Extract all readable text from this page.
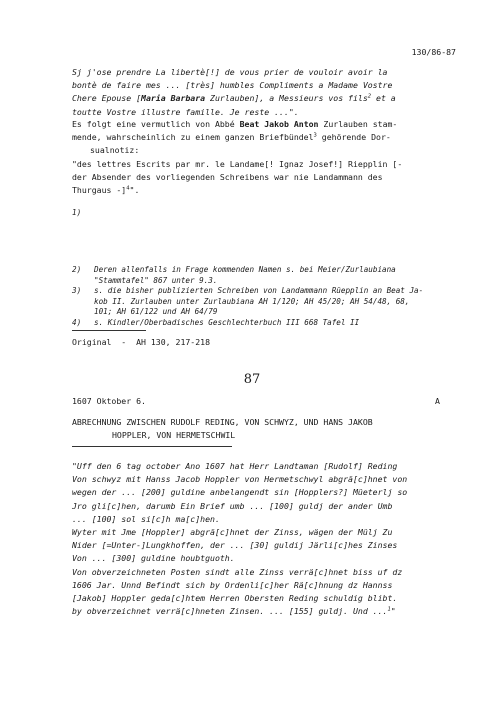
130/86-87
Sj j'ose prendre La libertè[!] de vous prier de vouloir avoir la
bontè de faire mes ... [très] humbles Compliments a Madame Vostre
Chere Epouse [Maria Barbara Zurlauben], a Messieurs vos fils$^2$ et a
toutte Vostre illustre famille. Je reste ...".
Es folgt eine vermutlich von Abbé Beat Jakob Anton Zurlauben stam-
mende, wahrscheinlich zu einem ganzen Briefbündel$^3$ gehörende Dor-
sualnotiz:
"des lettres Escrits par mr. le Landame[! Ignaz Josef!] Riepplin [-
der Absender des vorliegenden Schreibens war nie Landammann des
Thurgaus -]$^4$".
1)
2)	Deren allenfalls in Frage kommenden Namen s. bei Meier/Zurlaubiana
"Stammtafel" 867 unter 9.3.
3)	s. die bisher publizierten Schreiben von Landammann Rüepplin an Beat Ja-
kob II. Zurlauben unter Zurlaubiana AH 1/120; AH 45/20; AH 54/48, 68,
101; AH 61/122 und AH 64/79
4)	s. Kindler/Oberbadisches Geschlechterbuch III 668 Tafel II
Original  -  AH 130, 217-218
87
1607 Oktober 6.	A
ABRECHNUNG ZWISCHEN RUDOLF REDING, VON SCHWYZ, UND HANS JAKOB
HOPPLER, VON HERMETSCHWIL
"Uff den 6 tag october Ano 1607 hat Herr Landtaman [Rudolf] Reding
Von schwyz mit Hanss Jacob Hoppler von Hermetschwyl abgrä[c]hnet von
wegen der ... [200] guldine anbelangendt sin [Hopplers?] Müeterlj so
Jro gli[c]hen, darumb Ein Brief umb ... [100] guldj der ander Umb
... [100] sol si[c]h ma[c]hen.
Wyter mit Jme [Hoppler] abgrä[c]hnet der Zinss, wägen der Mülj Zu
Nider [=Unter-]Lungkhoffen, der ... [30] guldij Järli[c]hes Zinses
Von ... [300] guldine houbtguoth.
Von obverzeichneten Posten sindt alle Zinss verrä[c]hnet biss uf dz
1606 Jar. Unnd Befindt sich by Ordenli[c]her Rä[c]hnung dz Hannss
[Jakob] Hoppler geda[c]htem Herren Obersten Reding schuldig blibt.
by obverzeichnet verrä[c]hneten Zinsen. ... [155] guldj. Und ...$^1$"
